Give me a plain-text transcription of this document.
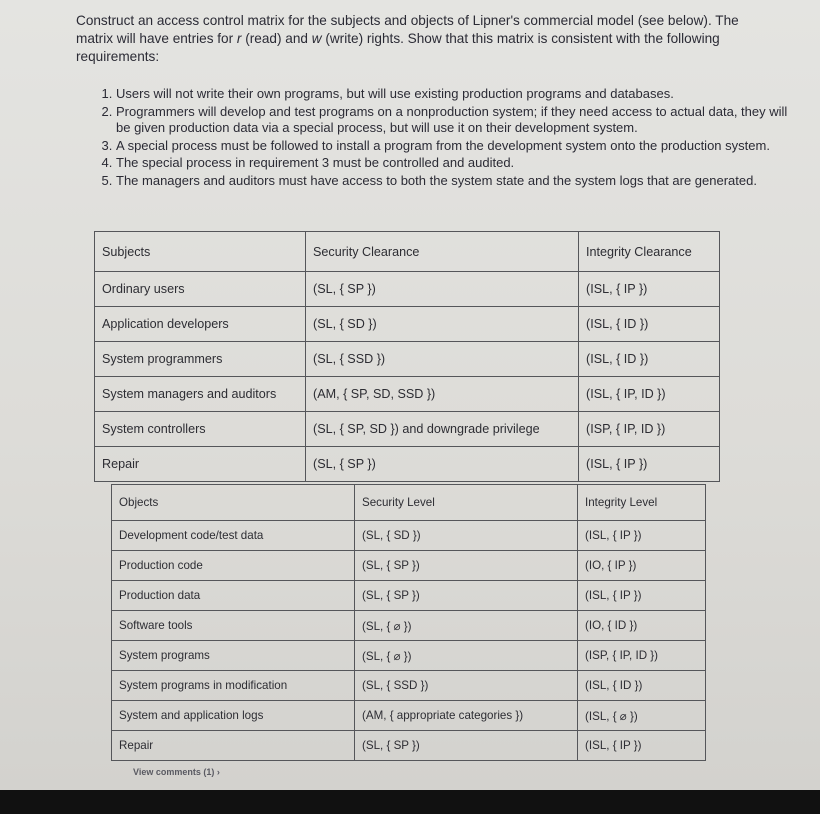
Construct an access control matrix for the subjects and objects of Lipner's commercial model (see below). The matrix will have entries for r (read) and w (write) rights. Show that this matrix is consistent with the following requirements:
1. Users will not write their own programs, but will use existing production programs and databases.
2. Programmers will develop and test programs on a nonproduction system; if they need access to actual data, they will be given production data via a special process, but will use it on their development system.
3. A special process must be followed to install a program from the development system onto the production system.
4. The special process in requirement 3 must be controlled and audited.
5. The managers and auditors must have access to both the system state and the system logs that are generated.
Subjects	Security Clearance	Integrity Clearance
Ordinary users	(SL, { SP })	(ISL, { IP })
Application developers	(SL, { SD })	(ISL, { ID })
System programmers	(SL, { SSD })	(ISL, { ID })
System managers and auditors	(AM, { SP, SD, SSD })	(ISL, { IP, ID })
System controllers	(SL, { SP, SD }) and downgrade privilege	(ISP, { IP, ID })
Repair	(SL, { SP })	(ISL, { IP })
Objects	Security Level	Integrity Level
Development code/test data	(SL, { SD })	(ISL, { IP })
Production code	(SL, { SP })	(IO, { IP })
Production data	(SL, { SP })	(ISL, { IP })
Software tools	(SL, { ⌀ })	(IO, { ID })
System programs	(SL, { ⌀ })	(ISP, { IP, ID })
System programs in modification	(SL, { SSD })	(ISL, { ID })
System and application logs	(AM, { appropriate categories })	(ISL, { ⌀ })
Repair	(SL, { SP })	(ISL, { IP })
View comments (1) ›
